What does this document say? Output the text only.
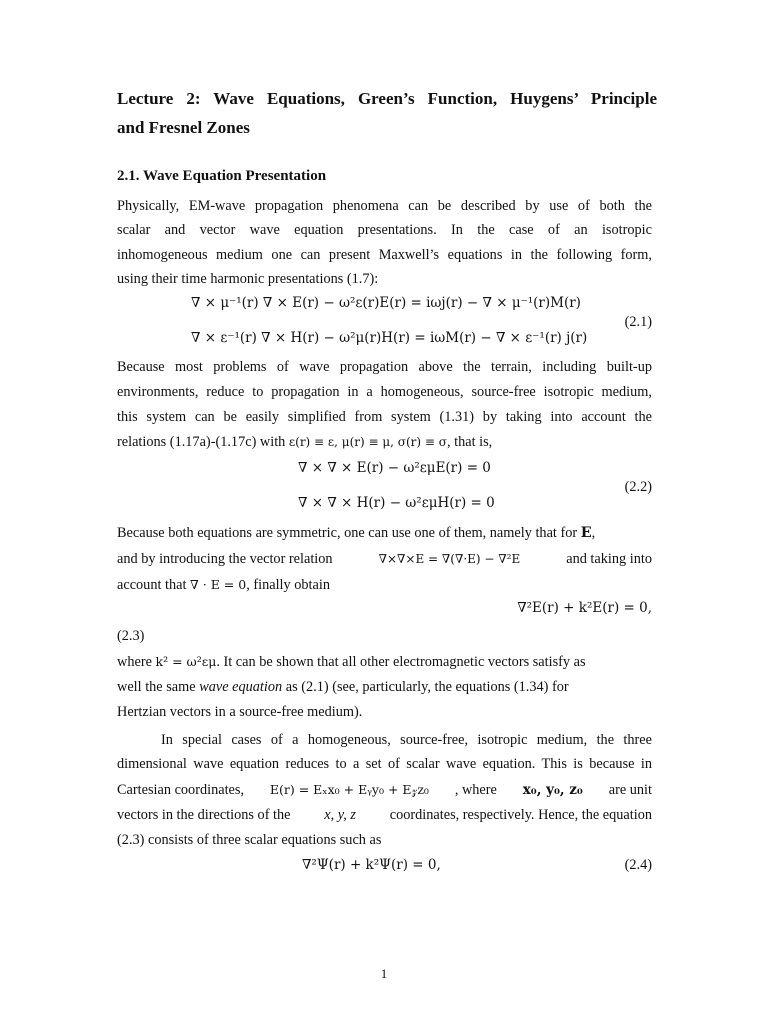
Lecture 2: Wave Equations, Green’s Function, Huygens’ Principle
and Fresnel Zones
2.1. Wave Equation Presentation
Physically, EM-wave propagation phenomena can be described by use of both the
scalar and vector wave equation presentations. In the case of an isotropic
inhomogeneous medium one can present Maxwell’s equations in the following form,
using their time harmonic presentations (1.7):
∇ × μ⁻¹(r) ∇ × E(r) − ω²ε(r)E(r) = iωj(r) − ∇ × μ⁻¹(r)M(r)
(2.1)
∇ × ε⁻¹(r) ∇ × H(r) − ω²μ(r)H(r) = iωM(r) − ∇ × ε⁻¹(r) j(r)
Because most problems of wave propagation above the terrain, including built-up
environments, reduce to propagation in a homogeneous, source-free isotropic medium,
this system can be easily simplified from system (1.31) by taking into account the
relations (1.17a)-(1.17c) with ε(r) ≡ ε, μ(r) ≡ μ, σ(r) ≡ σ, that is,
∇ × ∇ × E(r) − ω²εμE(r) = 0
(2.2)
∇ × ∇ × H(r) − ω²εμH(r) = 0
Because both equations are symmetric, one can use one of them, namely that for E,
and by introducing the vector relation	∇×∇×E = ∇(∇·E) − ∇²E	and taking into
account that ∇ · E = 0, finally obtain
∇²E(r) + k²E(r) = 0,
(2.3)
where k² = ω²εμ. It can be shown that all other electromagnetic vectors satisfy as
well the same wave equation as (2.1) (see, particularly, the equations (1.34) for
Hertzian vectors in a source-free medium).
In special cases of a homogeneous, source-free, isotropic medium, the three
dimensional wave equation reduces to a set of scalar wave equation. This is because in
Cartesian coordinates, E(r) = Eₓx₀ + Eᵧy₀ + E𝓏z₀ , where x₀, y₀, z₀ are unit
vectors in the directions of the x, y, z coordinates, respectively. Hence, the equation
(2.3) consists of three scalar equations such as
∇²Ψ(r) + k²Ψ(r) = 0,	(2.4)
1
